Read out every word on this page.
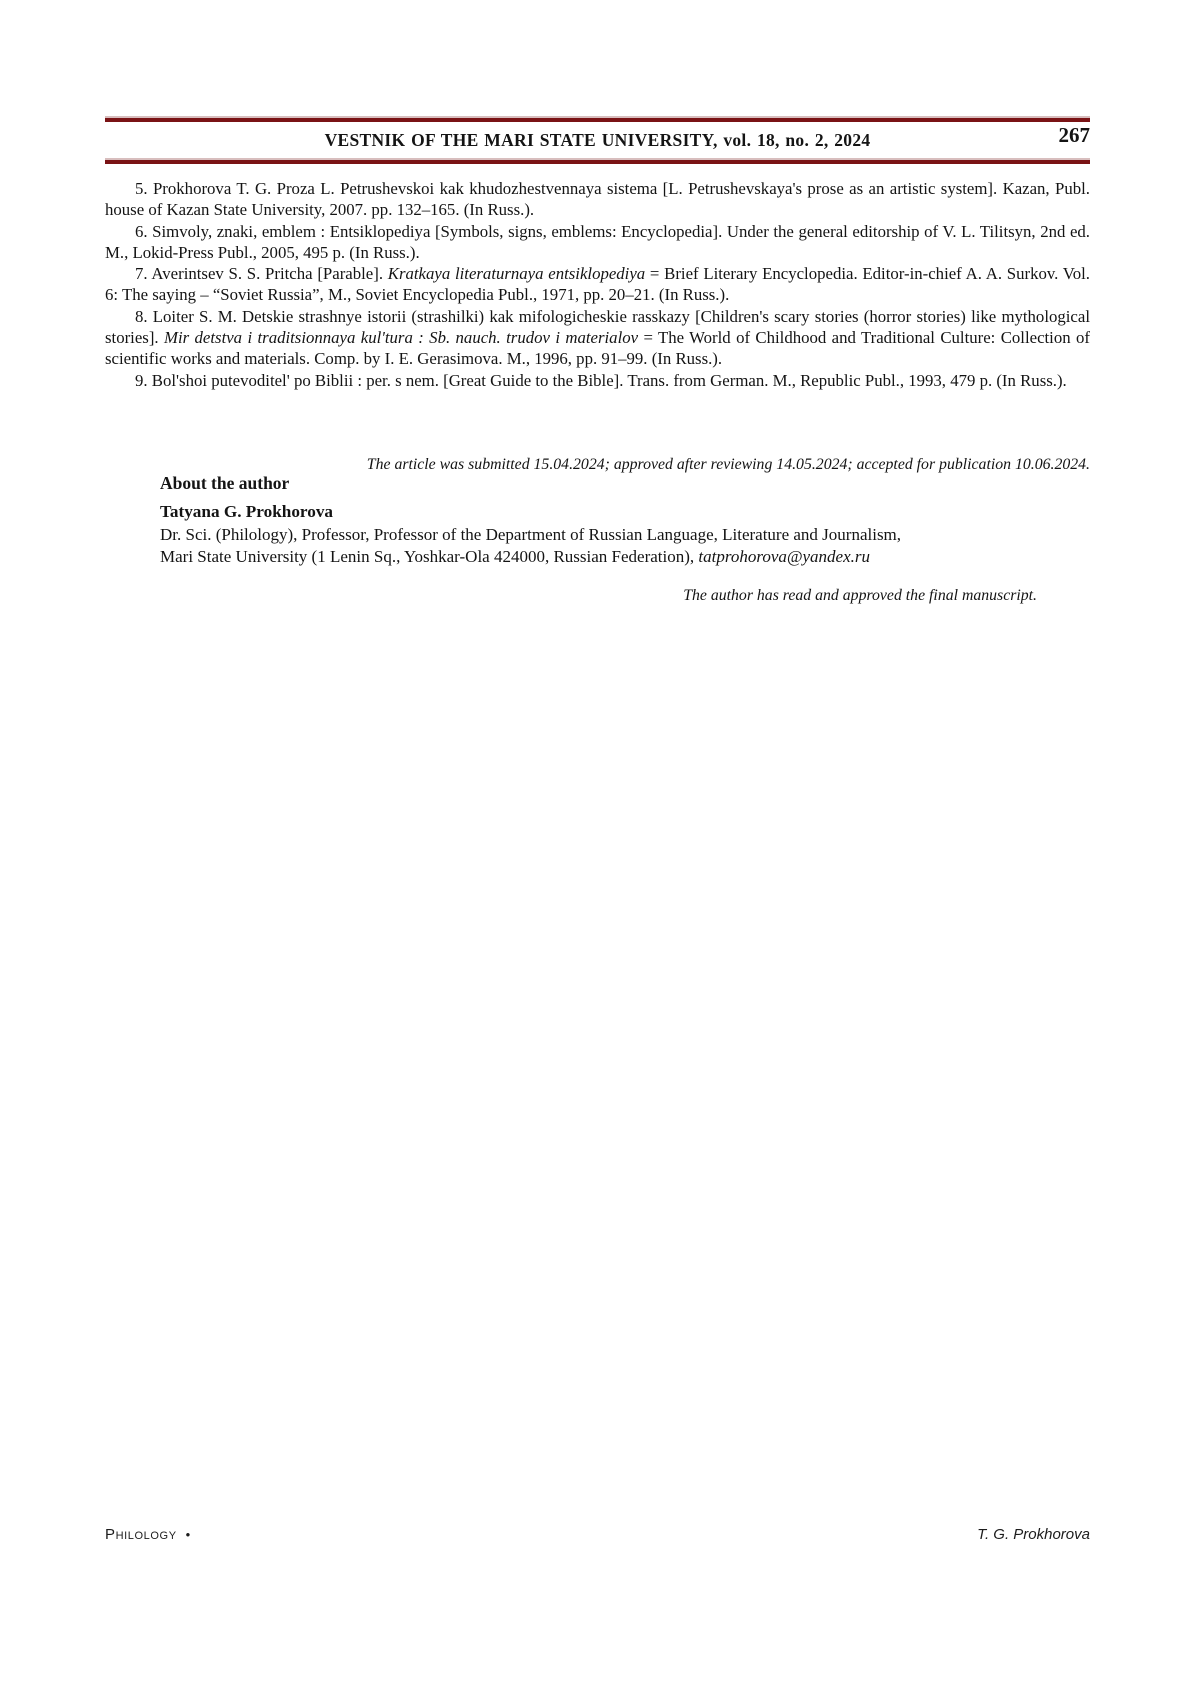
VESTNIK OF THE MARI STATE UNIVERSITY, vol. 18, no. 2, 2024	267

5. Prokhorova T. G. Proza L. Petrushevskoi kak khudozhestvennaya sistema [L. Petrushevskaya's prose as an artistic system]. Kazan, Publ. house of Kazan State University, 2007. pp. 132–165. (In Russ.).

6. Simvoly, znaki, emblem : Entsiklopediya [Symbols, signs, emblems: Encyclopedia]. Under the general editorship of V. L. Tilitsyn, 2nd ed. M., Lokid-Press Publ., 2005, 495 p. (In Russ.).

7. Averintsev S. S. Pritcha [Parable]. Kratkaya literaturnaya entsiklopediya = Brief Literary Encyclopedia. Editor-in-chief A. A. Surkov. Vol. 6: The saying – “Soviet Russia”, M., Soviet Encyclopedia Publ., 1971, pp. 20–21. (In Russ.).

8. Loiter S. M. Detskie strashnye istorii (strashilki) kak mifologicheskie rasskazy [Children's scary stories (horror stories) like mythological stories]. Mir detstva i traditsionnaya kul'tura : Sb. nauch. trudov i materialov = The World of Childhood and Traditional Culture: Collection of scientific works and materials. Comp. by I. E. Gerasimova. M., 1996, pp. 91–99. (In Russ.).

9. Bol'shoi putevoditel' po Biblii : per. s nem. [Great Guide to the Bible]. Trans. from German. M., Republic Publ., 1993, 479 p. (In Russ.).

The article was submitted 15.04.2024; approved after reviewing 14.05.2024; accepted for publication 10.06.2024.

About the author

Tatyana G. Prokhorova

Dr. Sci. (Philology), Professor, Professor of the Department of Russian Language, Literature and Journalism,
Mari State University (1 Lenin Sq., Yoshkar-Ola 424000, Russian Federation), tatprohorova@yandex.ru

The author has read and approved the final manuscript.

Philology •	T. G. Prokhorova
